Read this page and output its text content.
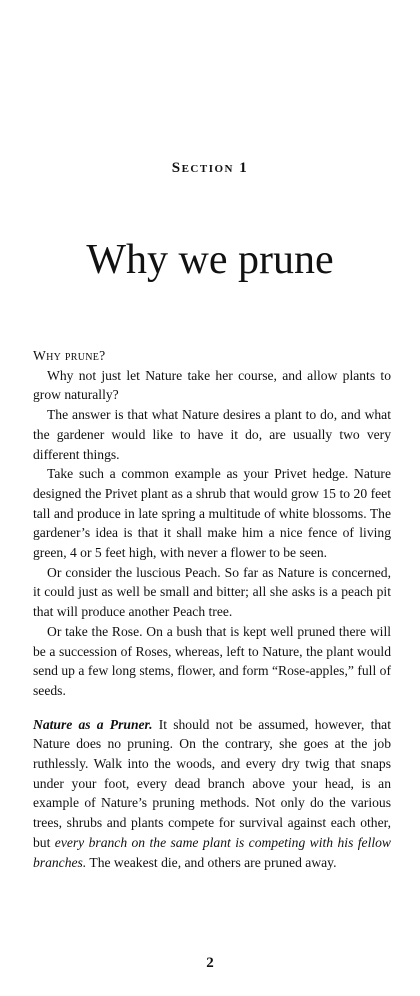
Section 1
Why we prune

Why prune?

Why not just let Nature take her course, and allow plants to grow naturally?

The answer is that what Nature desires a plant to do, and what the gardener would like to have it do, are usually two very different things.

Take such a common example as your Privet hedge. Nature designed the Privet plant as a shrub that would grow 15 to 20 feet tall and produce in late spring a multitude of white blossoms. The gardener’s idea is that it shall make him a nice fence of living green, 4 or 5 feet high, with never a flower to be seen.

Or consider the luscious Peach. So far as Nature is concerned, it could just as well be small and bitter; all she asks is a peach pit that will produce another Peach tree.

Or take the Rose. On a bush that is kept well pruned there will be a succession of Roses, whereas, left to Nature, the plant would send up a few long stems, flower, and form “Rose-apples,” full of seeds.

Nature as a Pruner. It should not be assumed, however, that Nature does no pruning. On the contrary, she goes at the job ruthlessly. Walk into the woods, and every dry twig that snaps under your foot, every dead branch above your head, is an example of Nature’s pruning methods. Not only do the various trees, shrubs and plants compete for survival against each other, but every branch on the same plant is competing with his fellow branches. The weakest die, and others are pruned away.

2
